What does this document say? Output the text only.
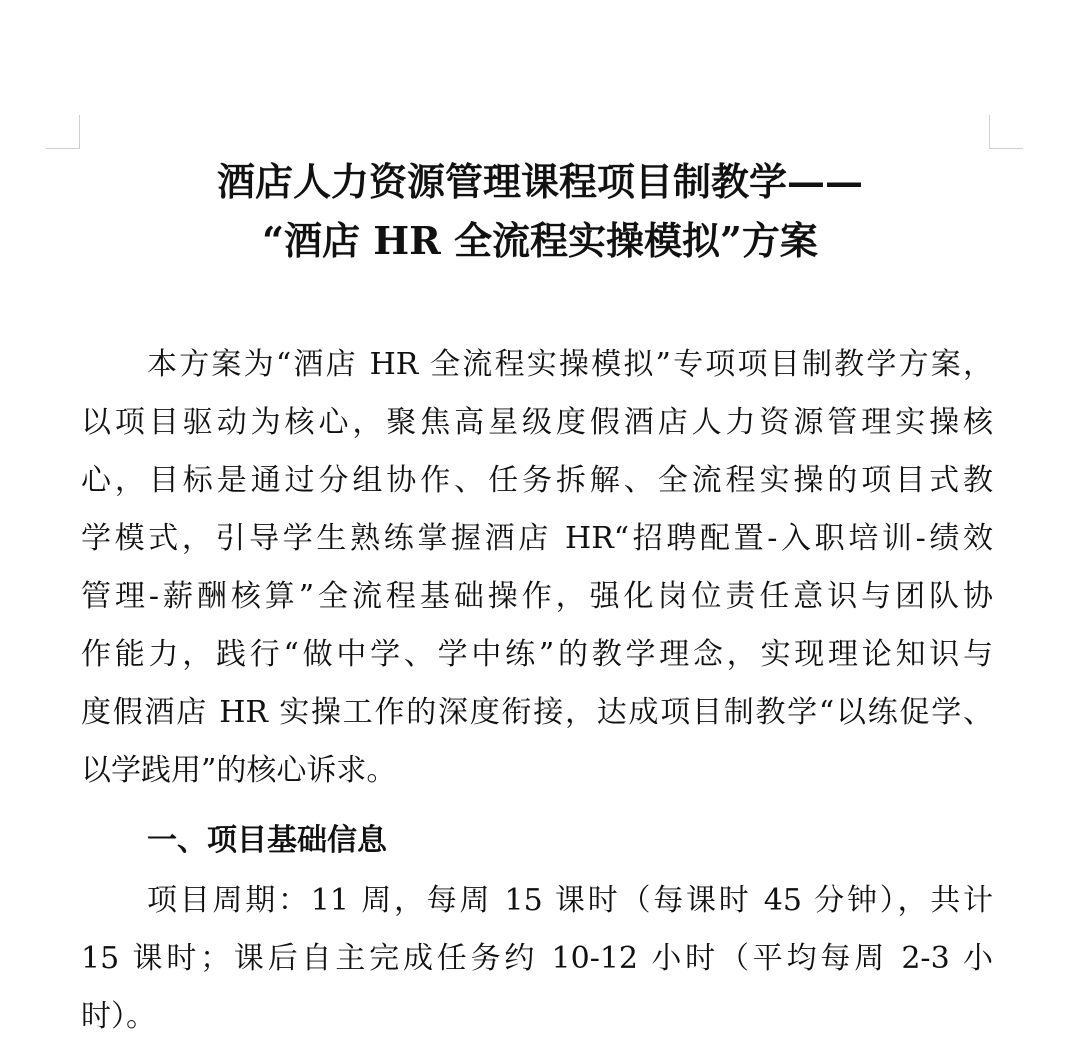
酒店人力资源管理课程项目制教学——
“酒店 HR 全流程实操模拟”方案
本方案为“酒店 HR 全流程实操模拟”专项项目制教学方案，
以项目驱动为核心，聚焦高星级度假酒店人力资源管理实操核
心，目标是通过分组协作、任务拆解、全流程实操的项目式教
学模式，引导学生熟练掌握酒店 HR“招聘配置-入职培训-绩效
管理-薪酬核算”全流程基础操作，强化岗位责任意识与团队协
作能力，践行“做中学、学中练”的教学理念，实现理论知识与
度假酒店 HR 实操工作的深度衔接，达成项目制教学“以练促学、
以学践用”的核心诉求。
一、项目基础信息
项目周期：11 周，每周 15 课时（每课时 45 分钟），共计
15 课时；课后自主完成任务约 10-12 小时（平均每周 2-3 小
时）。
